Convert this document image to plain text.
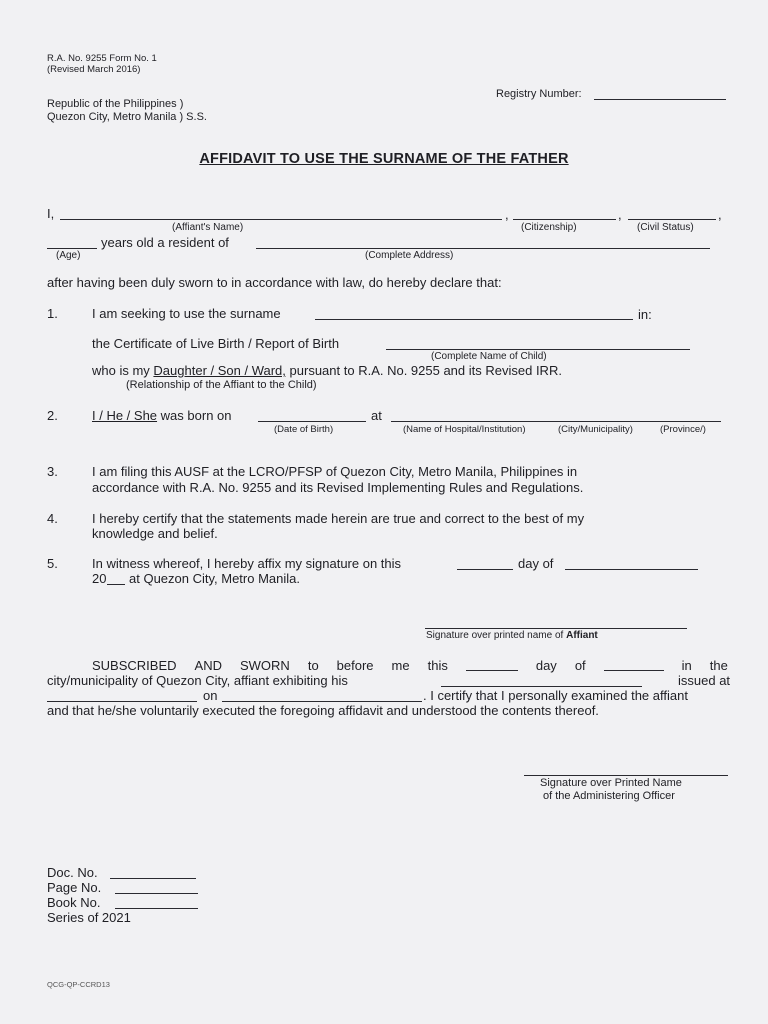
R.A. No. 9255 Form No. 1
(Revised March 2016)
Registry Number:
Republic of the Philippines )
Quezon City, Metro Manila ) S.S.
AFFIDAVIT TO USE THE SURNAME OF THE FATHER
I,	,	,	,
(Affiant's Name)	(Citizenship)	(Civil Status)
years old a resident of
(Age)	(Complete Address)
after having been duly sworn to in accordance with law, do hereby declare that:
1.	I am seeking to use the surname	in:
the Certificate of Live Birth / Report of Birth
(Complete Name of Child)
who is my Daughter / Son / Ward, pursuant to R.A. No. 9255 and its Revised IRR.
(Relationship of the Affiant to the Child)
2.	I / He / She was born on	at
(Date of Birth)	(Name of Hospital/Institution)	(City/Municipality)	(Province/)
3.	I am filing this AUSF at the LCRO/PFSP of Quezon City, Metro Manila, Philippines in
accordance with R.A. No. 9255 and its Revised Implementing Rules and Regulations.
4.	I hereby certify that the statements made herein are true and correct to the best of my
knowledge and belief.
5.	In witness whereof, I hereby affix my signature on this	day of
20 at Quezon City, Metro Manila.
Signature over printed name of Affiant
SUBSCRIBED AND SWORN to before me this	day of	in the
city/municipality of Quezon City, affiant exhibiting his	issued at
on	. I certify that I personally examined the affiant
and that he/she voluntarily executed the foregoing affidavit and understood the contents thereof.
Signature over Printed Name
of the Administering Officer
Doc. No.
Page No.
Book No.
Series of 2021
QCG-QP-CCRD13
